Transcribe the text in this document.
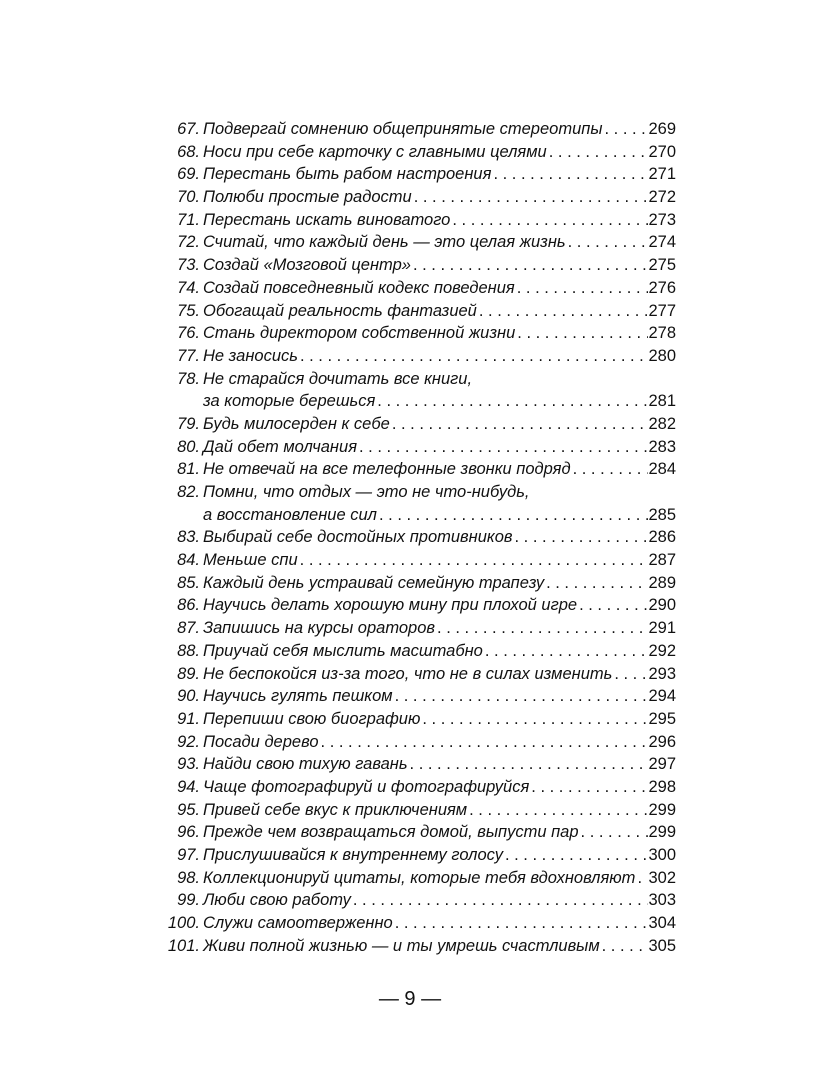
67. Подвергай сомнению общепринятые стереотипы . . .	269
68. Носи при себе карточку с главными целями . . .	270
69. Перестань быть рабом настроения . . .	271
70. Полюби простые радости . . .	272
71. Перестань искать виноватого . . .	273
72. Считай, что каждый день — это целая жизнь . . .	274
73. Создай «Мозговой центр» . . .	275
74. Создай повседневный кодекс поведения . . .	276
75. Обогащай реальность фантазией . . .	277
76. Стань директором собственной жизни . . .	278
77. Не заносись . . .	280
78. Не старайся дочитать все книги,
за которые берешься . . .	281
79. Будь милосерден к себе . . .	282
80. Дай обет молчания . . .	283
81. Не отвечай на все телефонные звонки подряд . . .	284
82. Помни, что отдых — это не что-нибудь,
а восстановление сил . . .	285
83. Выбирай себе достойных противников . . .	286
84. Меньше спи . . .	287
85. Каждый день устраивай семейную трапезу . . .	289
86. Научись делать хорошую мину при плохой игре . . .	290
87. Запишись на курсы ораторов . . .	291
88. Приучай себя мыслить масштабно . . .	292
89. Не беспокойся из-за того, что не в силах изменить . . . 293
90. Научись гулять пешком . . .	294
91. Перепиши свою биографию . . .	295
92. Посади дерево . . .	296
93. Найди свою тихую гавань . . .	297
94. Чаще фотографируй и фотографируйся . . .	298
95. Привей себе вкус к приключениям . . .	299
96. Прежде чем возвращаться домой, выпусти пар . . .	299
97. Прислушивайся к внутреннему голосу . . .	300
98. Коллекционируй цитаты, которые тебя вдохновляют . . . 302
99. Люби свою работу . . .	303
100. Служи самоотверженно . . .	304
101. Живи полной жизнью — и ты умрешь счастливым . . .	305
— 9 —
